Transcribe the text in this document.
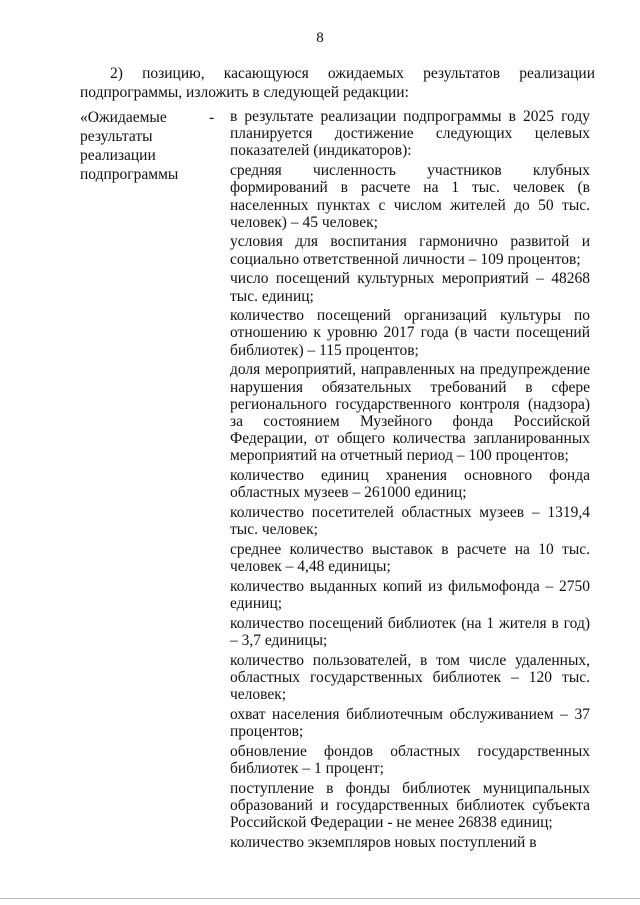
8

2) позицию, касающуюся ожидаемых результатов реализации подпрограммы, изложить в следующей редакции:

«Ожидаемые результаты реализации подпрограммы
- в результате реализации подпрограммы в 2025 году планируется достижение следующих целевых показателей (индикаторов):

средняя численность участников клубных формирований в расчете на 1 тыс. человек (в населенных пунктах с числом жителей до 50 тыс. человек) – 45 человек;

условия для воспитания гармонично развитой и социально ответственной личности – 109 процентов;

число посещений культурных мероприятий – 48268 тыс. единиц;

количество посещений организаций культуры по отношению к уровню 2017 года (в части посещений библиотек) – 115 процентов;

доля мероприятий, направленных на предупреждение нарушения обязательных требований в сфере регионального государственного контроля (надзора) за состоянием Музейного фонда Российской Федерации, от общего количества запланированных мероприятий на отчетный период – 100 процентов;

количество единиц хранения основного фонда областных музеев – 261000 единиц;

количество посетителей областных музеев – 1319,4 тыс. человек;

среднее количество выставок в расчете на 10 тыс. человек – 4,48 единицы;

количество выданных копий из фильмофонда – 2750 единиц;

количество посещений библиотек (на 1 жителя в год) – 3,7 единицы;

количество пользователей, в том числе удаленных, областных государственных библиотек – 120 тыс. человек;

охват населения библиотечным обслуживанием – 37 процентов;

обновление фондов областных государственных библиотек – 1 процент;

поступление в фонды библиотек муниципальных образований и государственных библиотек субъекта Российской Федерации - не менее 26838 единиц;

количество экземпляров новых поступлений в
